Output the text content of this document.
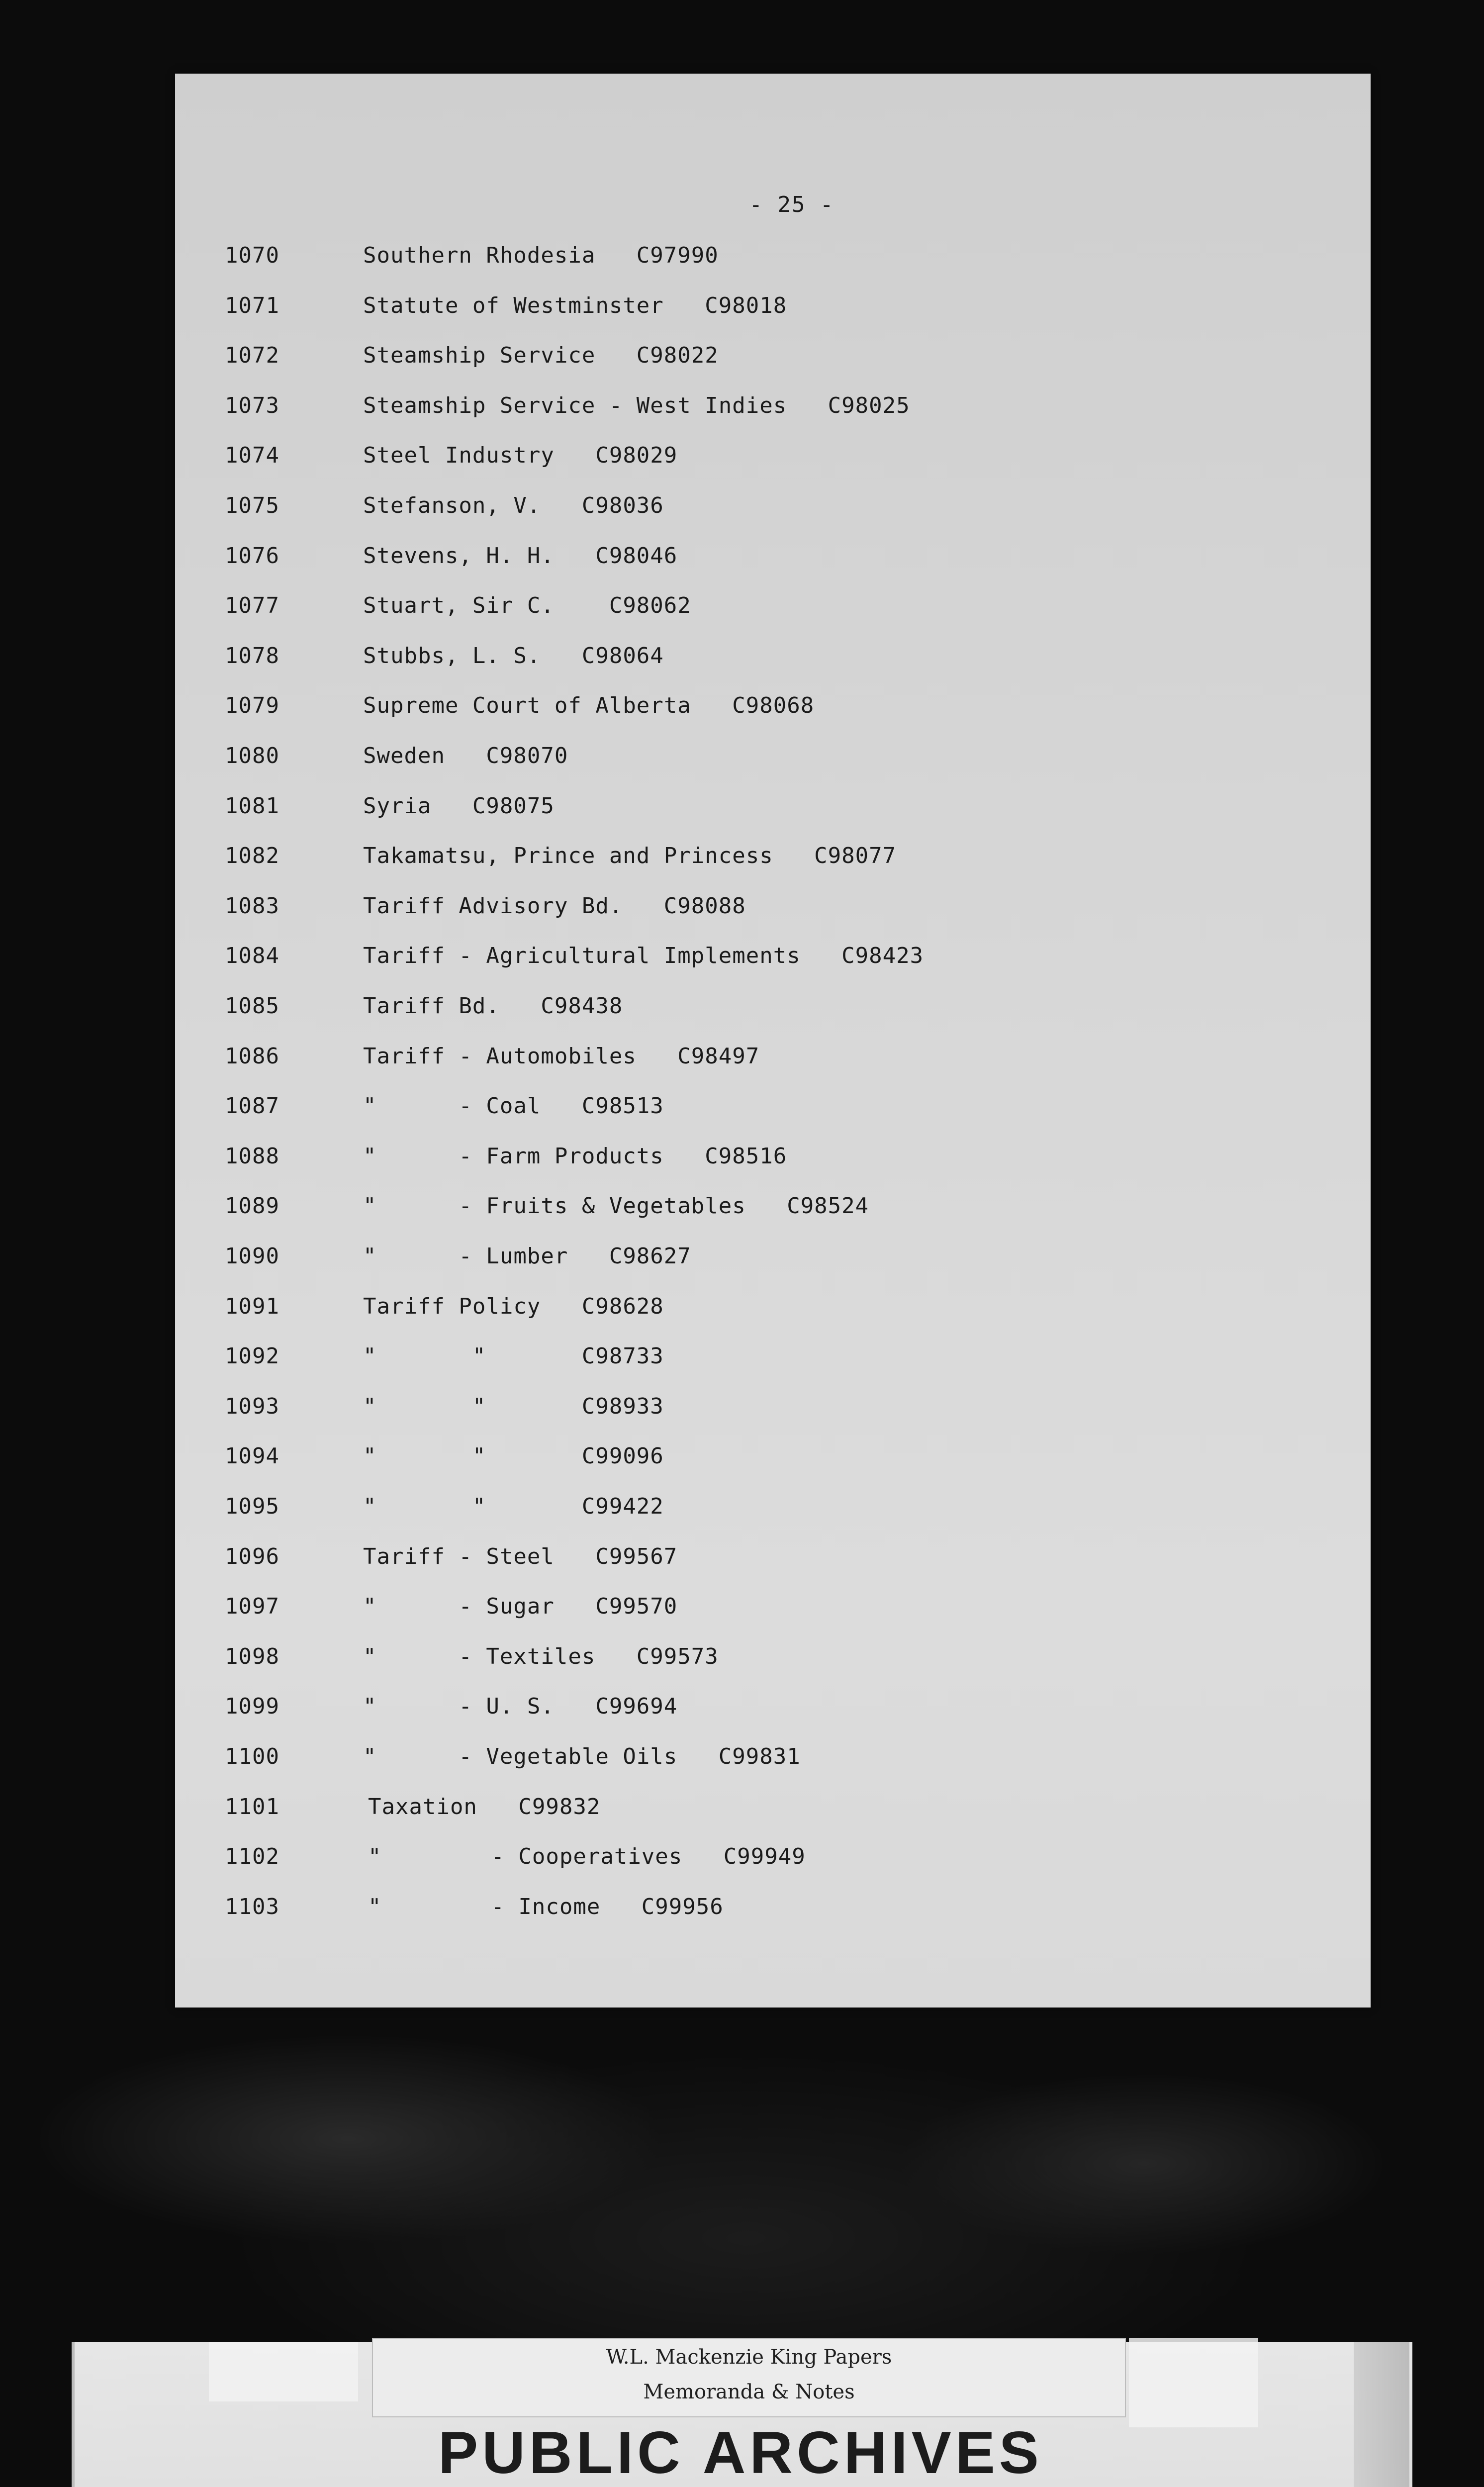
- 25 -
1070	Southern Rhodesia   C97990
1071	Statute of Westminster   C98018
1072	Steamship Service   C98022
1073	Steamship Service - West Indies   C98025
1074	Steel Industry   C98029
1075	Stefanson, V.   C98036
1076	Stevens, H. H.   C98046
1077	Stuart, Sir C.    C98062
1078	Stubbs, L. S.   C98064
1079	Supreme Court of Alberta   C98068
1080	Sweden   C98070
1081	Syria   C98075
1082	Takamatsu, Prince and Princess   C98077
1083	Tariff Advisory Bd.   C98088
1084	Tariff - Agricultural Implements   C98423
1085	Tariff Bd.   C98438
1086	Tariff - Automobiles   C98497
1087	"      - Coal   C98513
1088	"      - Farm Products   C98516
1089	"      - Fruits & Vegetables   C98524
1090	"      - Lumber   C98627
1091	Tariff Policy   C98628
1092	"       "       C98733
1093	"       "       C98933
1094	"       "       C99096
1095	"       "       C99422
1096	Tariff - Steel   C99567
1097	"      - Sugar   C99570
1098	"      - Textiles   C99573
1099	"      - U. S.   C99694
1100	"      - Vegetable Oils   C99831
1101	Taxation   C99832
1102	"        - Cooperatives   C99949
1103	"        - Income   C99956
W.L. Mackenzie King Papers
Memoranda & Notes
PUBLIC ARCHIVES
